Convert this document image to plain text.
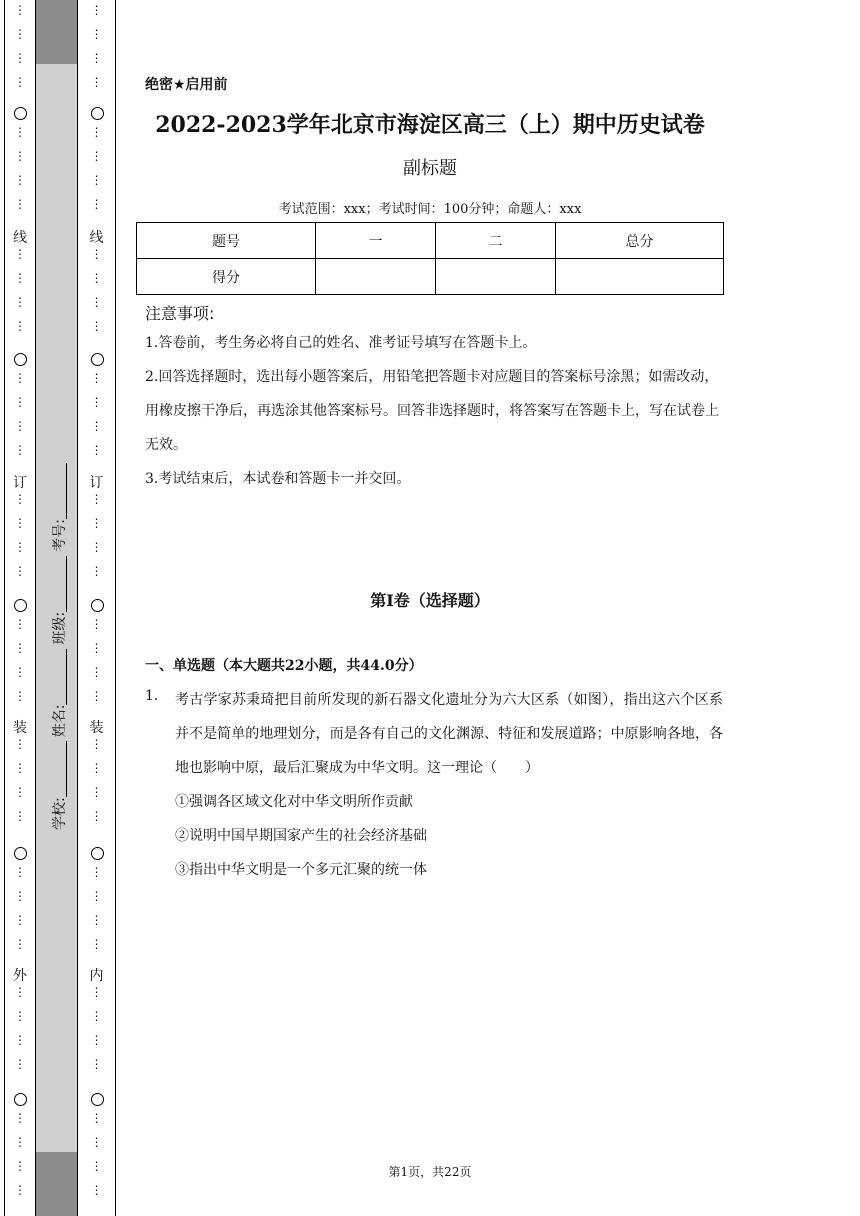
⋮
⋮
⋮
⋮
⋮
⋮
⋮
⋮
⋮
⋮
⋮
⋮
⋮
⋮
⋮
⋮
⋮
⋮
⋮
⋮
⋮
⋮
⋮
⋮
⋮
⋮
⋮
⋮
⋮
⋮
⋮
⋮
⋮
⋮
⋮
⋮
⋮
⋮
⋮
⋮
线
订
装
外
⋮
⋮
⋮
⋮
⋮
⋮
⋮
⋮
⋮
⋮
⋮
⋮
⋮
⋮
⋮
⋮
⋮
⋮
⋮
⋮
⋮
⋮
⋮
⋮
⋮
⋮
⋮
⋮
⋮
⋮
⋮
⋮
⋮
⋮
⋮
⋮
⋮
⋮
⋮
⋮
线
订
装
内
学校:
姓名:
班级:
考号:
绝密★启用前
2022-2023学年北京市海淀区高三（上）期中历史试卷
副标题
考试范围：xxx；考试时间：100分钟；命题人：xxx
题号	一	二	总分
得分			
注意事项:
1.答卷前，考生务必将自己的姓名、准考证号填写在答题卡上。
2.回答选择题时，选出每小题答案后，用铅笔把答题卡对应题目的答案标号涂黑；如需改动，用橡皮擦干净后，再选涂其他答案标号。回答非选择题时，将答案写在答题卡上，写在试卷上无效。
3.考试结束后，本试卷和答题卡一并交回。
第I卷（选择题）
一、单选题（本大题共22小题，共44.0分）
1. 考古学家苏秉琦把目前所发现的新石器文化遗址分为六大区系（如图），指出这六个区系并不是简单的地理划分，而是各有自己的文化渊源、特征和发展道路；中原影响各地，各地也影响中原，最后汇聚成为中华文明。这一理论（　　）
①强调各区域文化对中华文明所作贡献
②说明中国早期国家产生的社会经济基础
③指出中华文明是一个多元汇聚的统一体
第1页，共22页
